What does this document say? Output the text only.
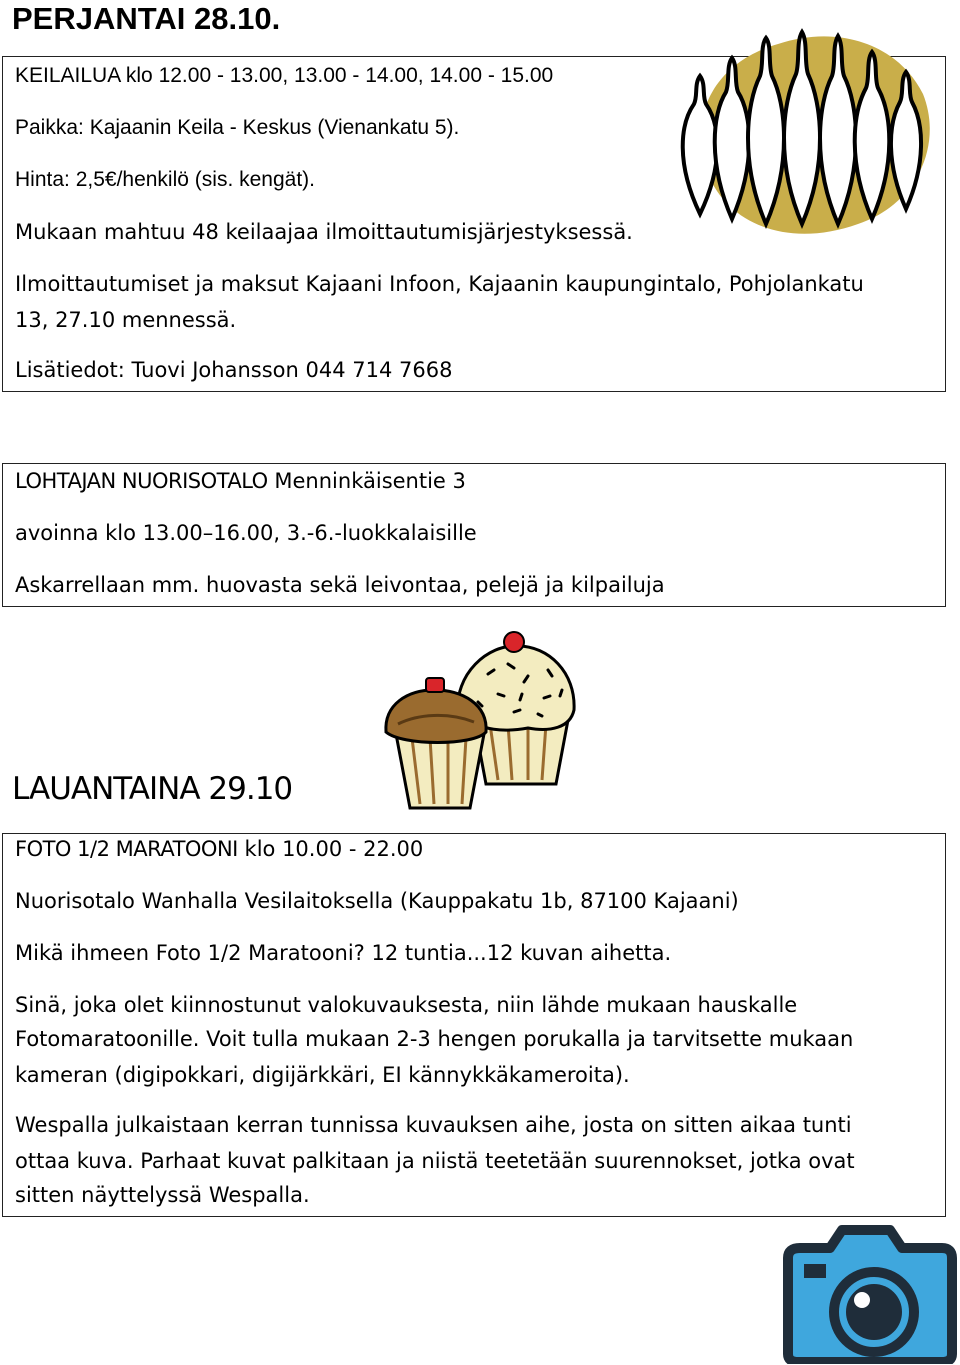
PERJANTAI 28.10.
KEILAILUA klo 12.00 - 13.00, 13.00 - 14.00, 14.00 - 15.00
Paikka: Kajaanin Keila - Keskus (Vienankatu 5).
Hinta: 2,5€/henkilö (sis. kengät).
Mukaan mahtuu 48 keilaajaa ilmoittautumisjärjestyksessä.
Ilmoittautumiset ja maksut Kajaani Infoon, Kajaanin kaupungintalo, Pohjolankatu
13, 27.10 mennessä.
Lisätiedot: Tuovi Johansson 044 714 7668
LOHTAJAN NUORISOTALO Menninkäisentie 3
avoinna klo 13.00–16.00, 3.-6.-luokkalaisille
Askarrellaan mm. huovasta sekä leivontaa, pelejä ja kilpailuja
LAUANTAINA 29.10
FOTO 1/2 MARATOONI klo 10.00 - 22.00
Nuorisotalo Wanhalla Vesilaitoksella (Kauppakatu 1b, 87100 Kajaani)
Mikä ihmeen Foto 1/2 Maratooni? 12 tuntia...12 kuvan aihetta.
Sinä, joka olet kiinnostunut valokuvauksesta, niin lähde mukaan hauskalle
Fotomaratoonille. Voit tulla mukaan 2-3 hengen porukalla ja tarvitsette mukaan
kameran (digipokkari, digijärkkäri, EI kännykkäkameroita).
Wespalla julkaistaan kerran tunnissa kuvauksen aihe, josta on sitten aikaa tunti
ottaa kuva. Parhaat kuvat palkitaan ja niistä teetetään suurennokset, jotka ovat
sitten näyttelyssä Wespalla.
